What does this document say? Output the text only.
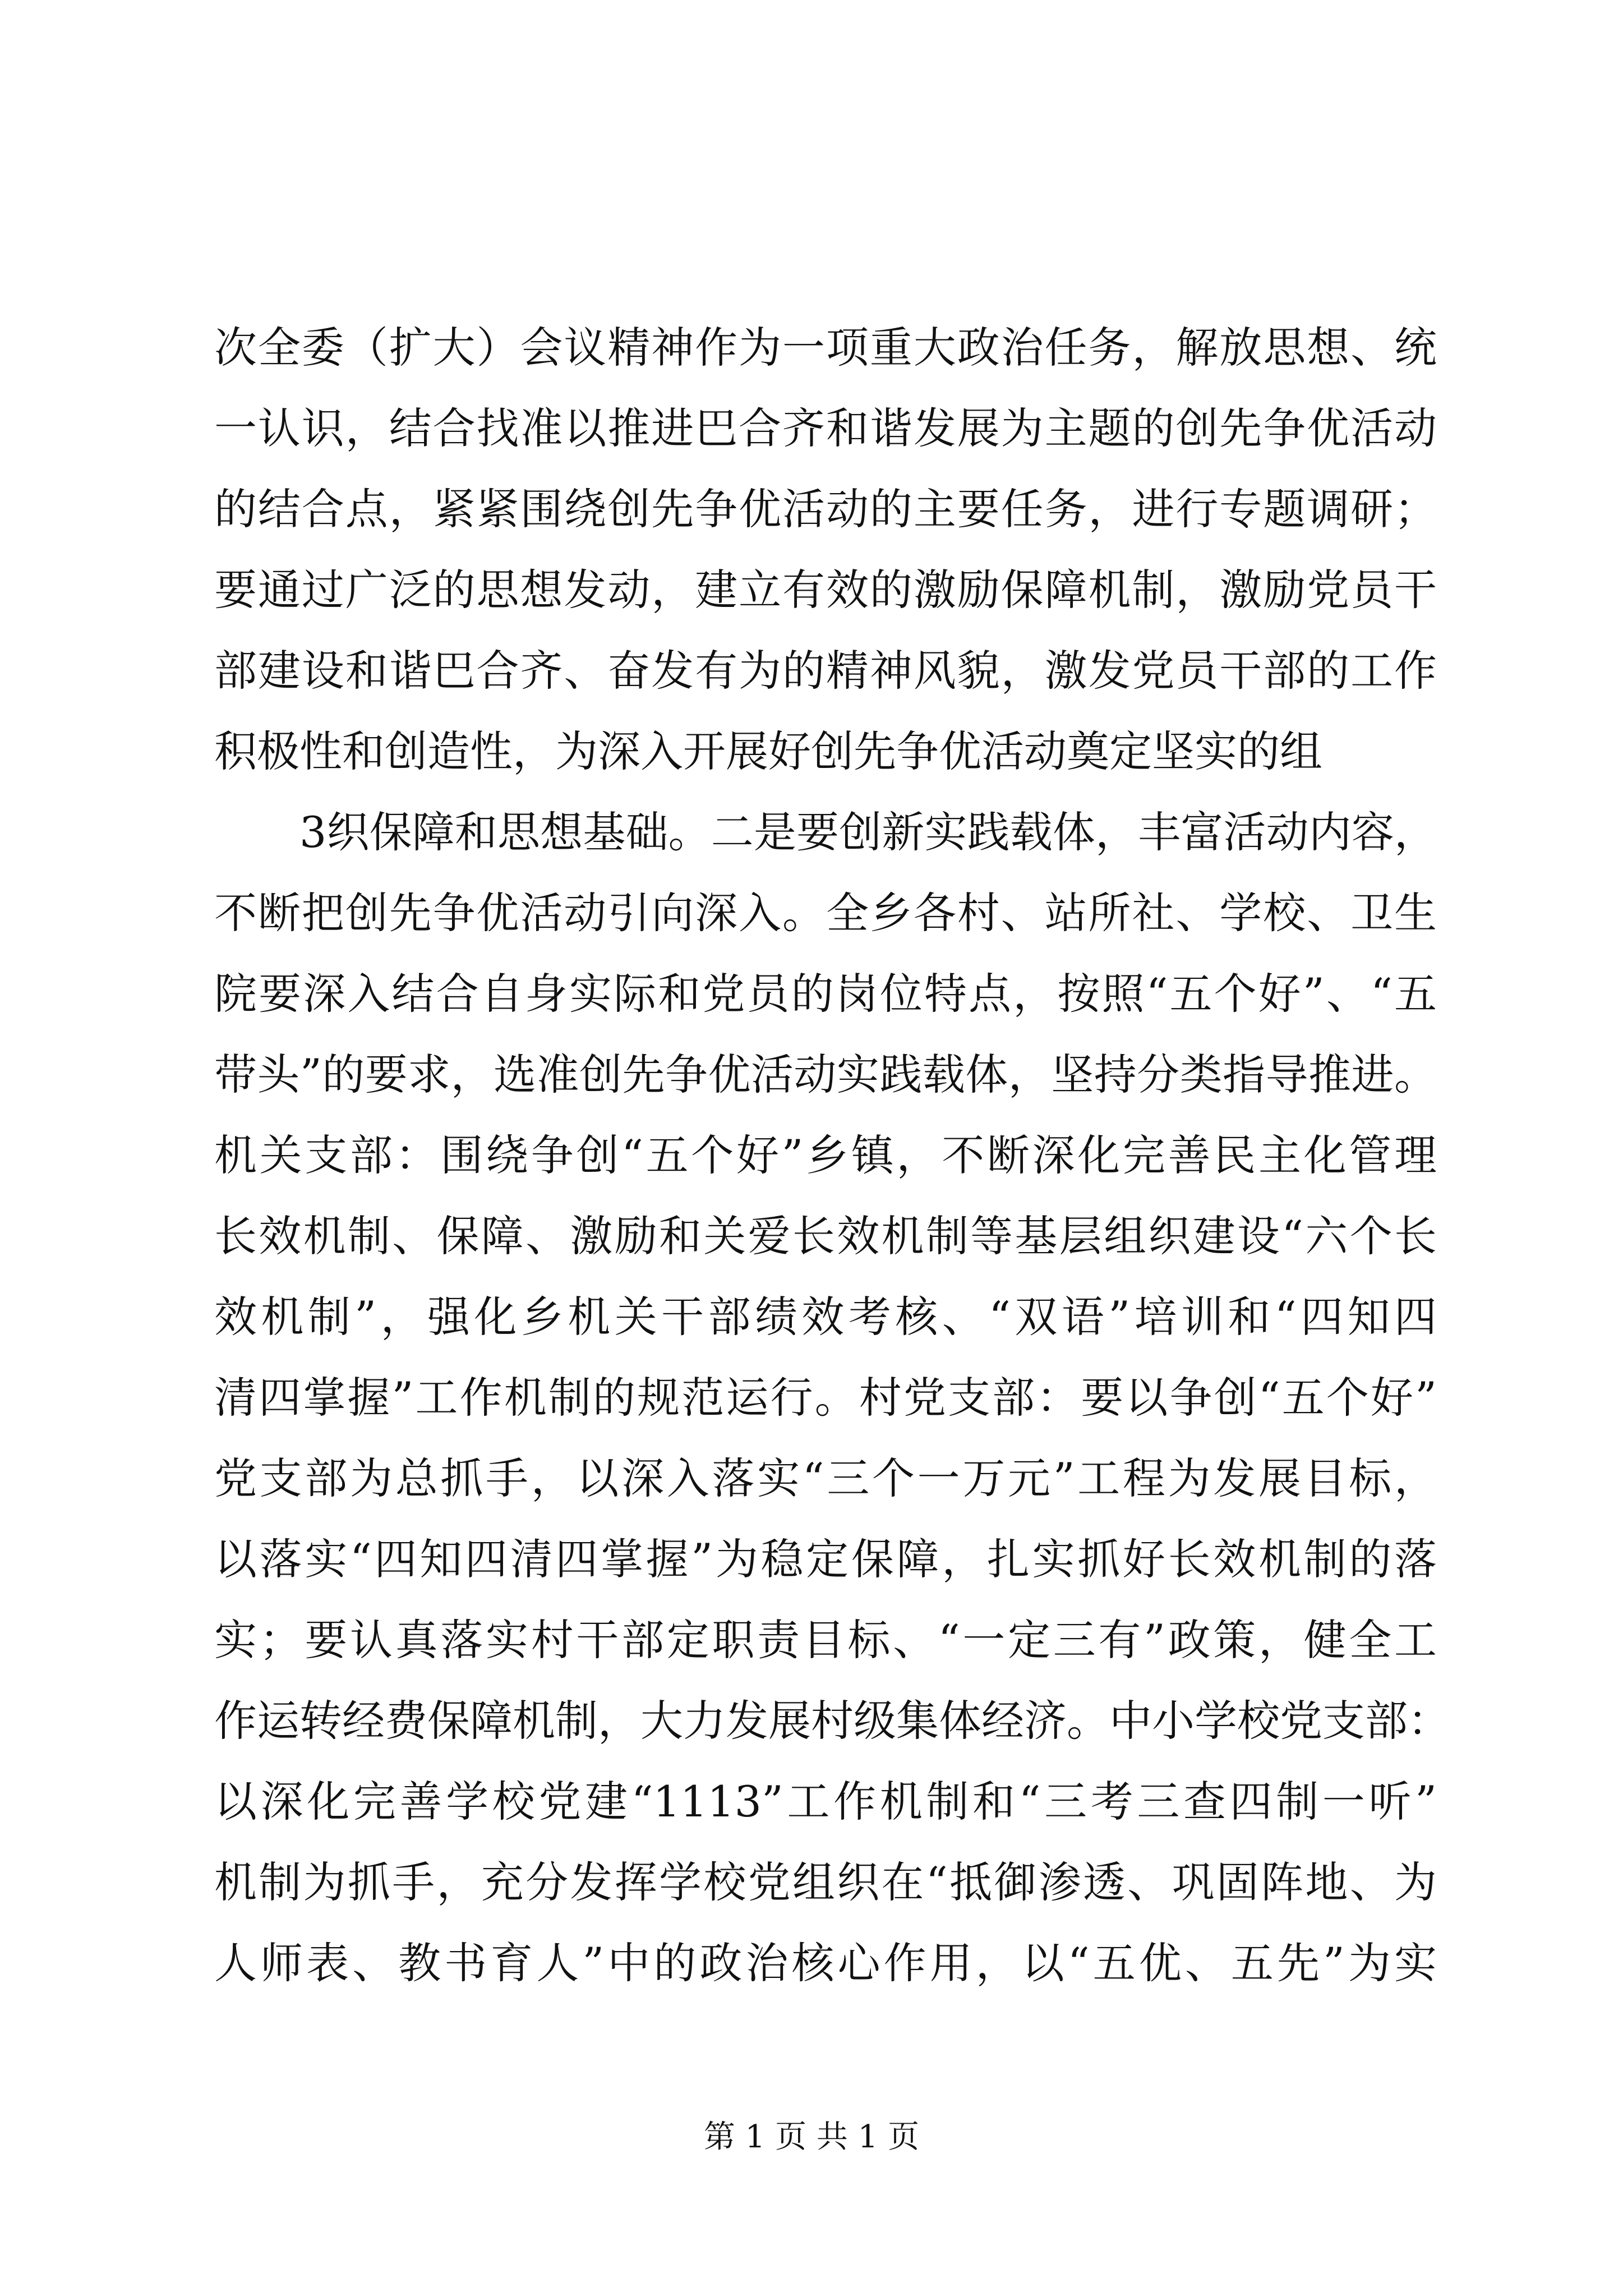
次全委（扩大）会议精神作为一项重大政治任务，解放思想、统
一认识，结合找准以推进巴合齐和谐发展为主题的创先争优活动
的结合点，紧紧围绕创先争优活动的主要任务，进行专题调研；
要通过广泛的思想发动，建立有效的激励保障机制，激励党员干
部建设和谐巴合齐、奋发有为的精神风貌，激发党员干部的工作
积极性和创造性，为深入开展好创先争优活动奠定坚实的组
3织保障和思想基础。二是要创新实践载体，丰富活动内容，
不断把创先争优活动引向深入。全乡各村、站所社、学校、卫生
院要深入结合自身实际和党员的岗位特点，按照“五个好”、“五
带头”的要求，选准创先争优活动实践载体，坚持分类指导推进。
机关支部：围绕争创“五个好”乡镇，不断深化完善民主化管理
长效机制、保障、激励和关爱长效机制等基层组织建设“六个长
效机制”，强化乡机关干部绩效考核、“双语”培训和“四知四
清四掌握”工作机制的规范运行。村党支部：要以争创“五个好”
党支部为总抓手，以深入落实“三个一万元”工程为发展目标，
以落实“四知四清四掌握”为稳定保障，扎实抓好长效机制的落
实；要认真落实村干部定职责目标、“一定三有”政策，健全工
作运转经费保障机制，大力发展村级集体经济。中小学校党支部：
以深化完善学校党建“1113”工作机制和“三考三查四制一听”
机制为抓手，充分发挥学校党组织在“抵御渗透、巩固阵地、为
人师表、教书育人”中的政治核心作用，以“五优、五先”为实
第 1 页 共 1 页
